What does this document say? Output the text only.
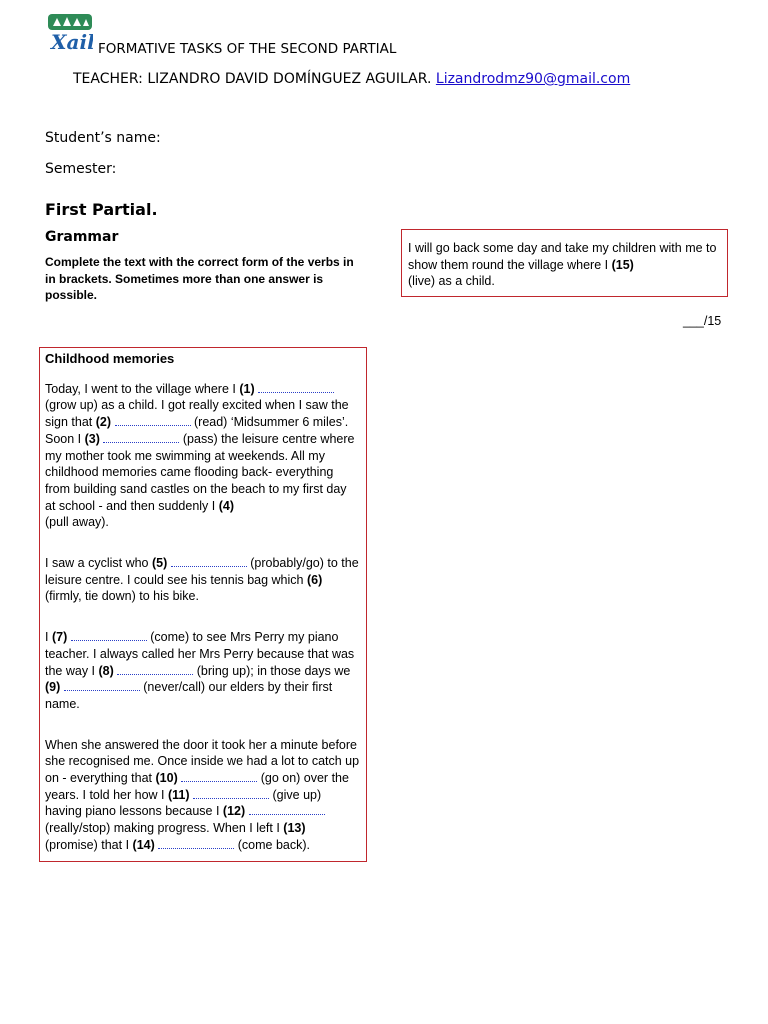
Xail FORMATIVE TASKS OF THE SECOND PARTIAL
TEACHER: LIZANDRO DAVID DOMÍNGUEZ AGUILAR. Lizandrodmz90@gmail.com
Student’s name:
Semester:
First Partial.
Grammar
Complete the text with the correct form of the verbs in in brackets. Sometimes more than one answer is possible.
I will go back some day and take my children with me to show them round the village where I (15)
(live) as a child.
___/15
Childhood memories

Today, I went to the village where I (1)  (grow up) as a child. I got really excited when I saw the sign that (2)	(read) ‘Midsummer 6 miles’. Soon I (3)	(pass) the leisure centre where my mother took me swimming at weekends. All my childhood memories came flooding back- everything from building sand castles on the beach to my first day at school - and then suddenly I (4)
(pull away).

I saw a cyclist who (5)	(probably/go) to the leisure centre. I could see his tennis bag which (6) (firmly, tie down) to his bike.

I (7)	(come) to see Mrs Perry my piano teacher. I always called her Mrs Perry because that was the way I (8)	(bring up); in those days we (9)	(never/call) our elders by their first name.

When she answered the door it took her a minute before she recognised me. Once inside we had a lot to catch up on - everything that (10)	(go on) over the years. I told her how I (11)	(give up) having piano lessons because I (12)  (really/stop) making progress. When I left I (13) (promise) that I (14)	(come back).
